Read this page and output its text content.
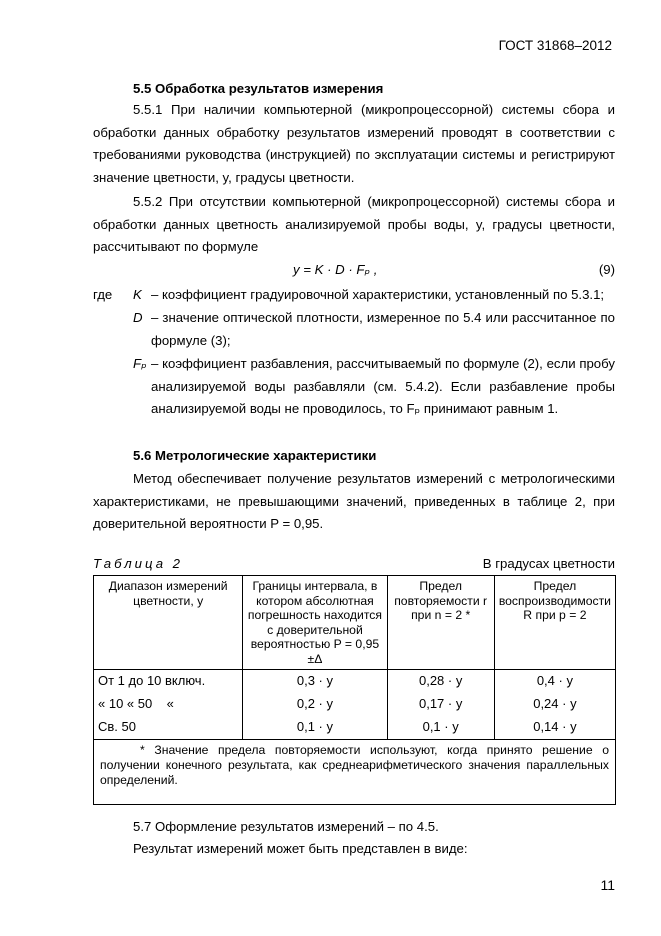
ГОСТ 31868–2012
5.5 Обработка результатов измерения
5.5.1 При наличии компьютерной (микропроцессорной) системы сбора и обработки данных обработку результатов измерений проводят в соответствии с требованиями руководства (инструкцией) по эксплуатации системы и регистрируют значение цветности, y, градусы цветности.
5.5.2 При отсутствии компьютерной (микропроцессорной) системы сбора и обработки данных цветность анализируемой пробы воды, y, градусы цветности, рассчитывают по формуле
y = K · D · Fₚ ,	(9)
где K – коэффициент градуировочной характеристики, установленный по 5.3.1;
D – значение оптической плотности, измеренное по 5.4 или рассчитанное по формуле (3);
Fₚ – коэффициент разбавления, рассчитываемый по формуле (2), если пробу анализируемой воды разбавляли (см. 5.4.2). Если разбавление пробы анализируемой воды не проводилось, то Fₚ принимают равным 1.
5.6 Метрологические характеристики
Метод обеспечивает получение результатов измерений с метрологическими характеристиками, не превышающими значений, приведенных в таблице 2, при доверительной вероятности P = 0,95.
Таблица 2	В градусах цветности
Диапазон измерений цветности, y	Границы интервала, в котором абсолютная погрешность находится с доверительной вероятностью P = 0,95 ±Δ	Предел повторяемости r при n = 2 *	Предел воспроизводимости R при p = 2
От 1 до 10 включ.	0,3 · y	0,28 · y	0,4 · y
« 10 « 50    «	0,2 · y	0,17 · y	0,24 · y
Св. 50	0,1 · y	0,1 · y	0,14 · y
* Значение предела повторяемости используют, когда принято решение о получении конечного результата, как среднеарифметического значения параллельных определений.			
5.7 Оформление результатов измерений – по 4.5.
Результат измерений может быть представлен в виде:
11
